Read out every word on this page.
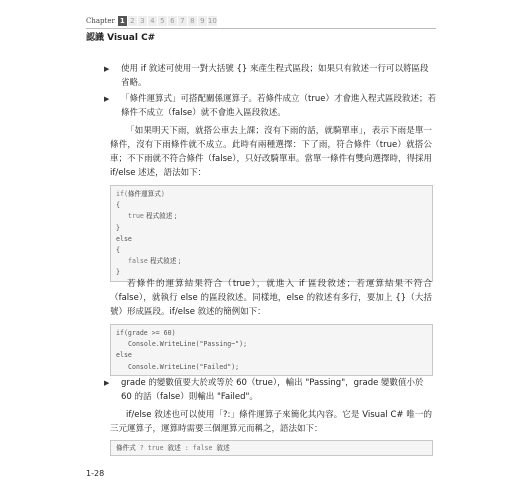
Chapter 1 2 3 4 5 6 7 8 9 10
認識 Visual C#
▶ 使用 if 敘述可使用一對大括號 {} 來產生程式區段；如果只有敘述一行可以將區段省略。
▶ 「條件運算式」可搭配關係運算子。若條件成立（true）才會進入程式區段敘述；若條件不成立（false）就不會進入區段敘述。
「如果明天下雨，就搭公車去上課；沒有下雨的話，就騎單車」，表示下雨是單一條件，沒有下雨條件就不成立。此時有兩種選擇：下了雨，符合條件（true）就搭公車；不下雨就不符合條件（false），只好改騎單車。當單一條件有雙向選擇時，得採用 if/else 述述，語法如下：
if(條件運算式)
{
true 程式敘述 ;
}
else
{
false 程式敘述 ;
}
若條件的運算結果符合（true），就進入 if 區段敘述；若運算結果不符合（false），就執行 else 的區段敘述。同樣地，else 的敘述有多行，要加上 {}（大括號）形成區段。if/else 敘述的簡例如下：
if(grade >= 60)
Console.WriteLine("Passing~");
else
Console.WriteLine("Failed");
▶ grade 的變數值要大於或等於 60（true），輸出 "Passing"，grade 變數值小於 60 的話（false）則輸出 "Failed"。
if/else 敘述也可以使用「?:」條件運算子來簡化其內容。它是 Visual C# 唯一的三元運算子，運算時需要三個運算元而稱之，語法如下：
條件式 ? true 敘述 : false 敘述
1-28
